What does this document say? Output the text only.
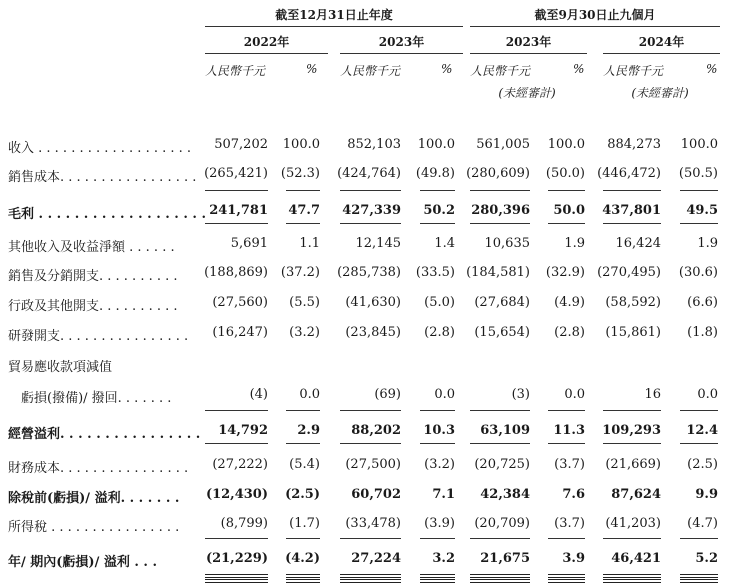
截至12月31日止年度	截至9月30日止九個月
2022年	2023年	2023年	2024年
人民幣千元	% 人民幣千元	% 人民幣千元	% 人民幣千元	%
(未經審計)	(未經審計)
收入 . . . . . . . . . . . . . . . . . . .	507,202	100.0	852,103	100.0	561,005	100.0	884,273	100.0
銷售成本. . . . . . . . . . . . . . . . . (265,421) (52.3)	(424,764)	(49.8) (280,609)	(50.0) (446,472)	(50.5)
毛利 . . . . . . . . . . . . . . . . . . . 241,781	47.7	427,339	50.2	280,396	50.0	437,801	49.5
其他收入及收益淨額 . . . . . .	5,691	1.1	12,145	1.4	10,635	1.9	16,424	1.9
銷售及分銷開支. . . . . . . . . .	(188,869) (37.2)	(285,738)	(33.5) (184,581)	(32.9) (270,495)	(30.6)
行政及其他開支. . . . . . . . . .	(27,560)	(5.5)	(41,630)	(5.0)	(27,684)	(4.9)	(58,592)	(6.6)
研發開支. . . . . . . . . . . . . . . .	(16,247)	(3.2)	(23,845)	(2.8)	(15,654)	(2.8)	(15,861)	(1.8)
貿易應收款項減值
　虧損(撥備)/ 撥回. . . . . . .	(4)	0.0	(69)	0.0	(3)	0.0	16	0.0
經營溢利. . . . . . . . . . . . . . . .	14,792	2.9	88,202	10.3	63,109	11.3	109,293	12.4
財務成本. . . . . . . . . . . . . . . .	(27,222)	(5.4)	(27,500)	(3.2)	(20,725)	(3.7)	(21,669)	(2.5)
除稅前(虧損)/ 溢利. . . . . . .	(12,430)	(2.5)	60,702	7.1	42,384	7.6	87,624	9.9
所得稅 . . . . . . . . . . . . . . . .	(8,799)	(1.7)	(33,478)	(3.9)	(20,709)	(3.7)	(41,203)	(4.7)
年/ 期內(虧損)/ 溢利 . . .	(21,229)	(4.2)	27,224	3.2	21,675	3.9	46,421	5.2
